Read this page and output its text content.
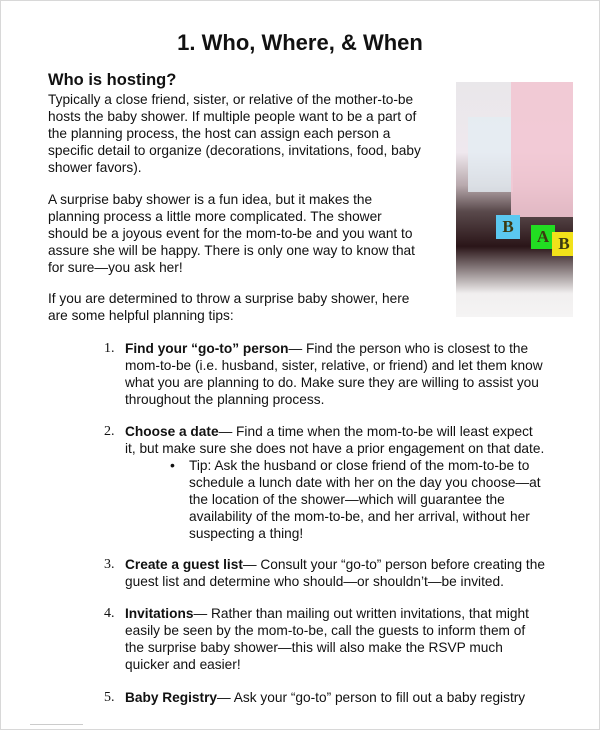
1. Who, Where, & When
Who is hosting?
B
A B
Typically a close friend, sister, or relative of the mother-to-be
hosts the baby shower. If multiple people want to be a part of
the planning process, the host can assign each person a
specific detail to organize (decorations, invitations, food, baby
shower favors).
A surprise baby shower is a fun idea, but it makes the
planning process a little more complicated. The shower
should be a joyous event for the mom-to-be and you want to
assure she will be happy. There is only one way to know that
for sure—you ask her!
If you are determined to throw a surprise baby shower, here
are some helpful planning tips:
1. Find your “go-to” person— Find the person who is closest to the
mom-to-be (i.e. husband, sister, relative, or friend) and let them know
what you are planning to do. Make sure they are willing to assist you
throughout the planning process.
2. Choose a date— Find a time when the mom-to-be will least expect
it, but make sure she does not have a prior engagement on that date.
• Tip: Ask the husband or close friend of the mom-to-be to
schedule a lunch date with her on the day you choose—at
the location of the shower—which will guarantee the
availability of the mom-to-be, and her arrival, without her
suspecting a thing!
3. Create a guest list— Consult your “go-to” person before creating the
guest list and determine who should—or shouldn’t—be invited.
4. Invitations— Rather than mailing out written invitations, that might
easily be seen by the mom-to-be, call the guests to inform them of
the surprise baby shower—this will also make the RSVP much
quicker and easier!
5. Baby Registry— Ask your “go-to” person to fill out a baby registry
